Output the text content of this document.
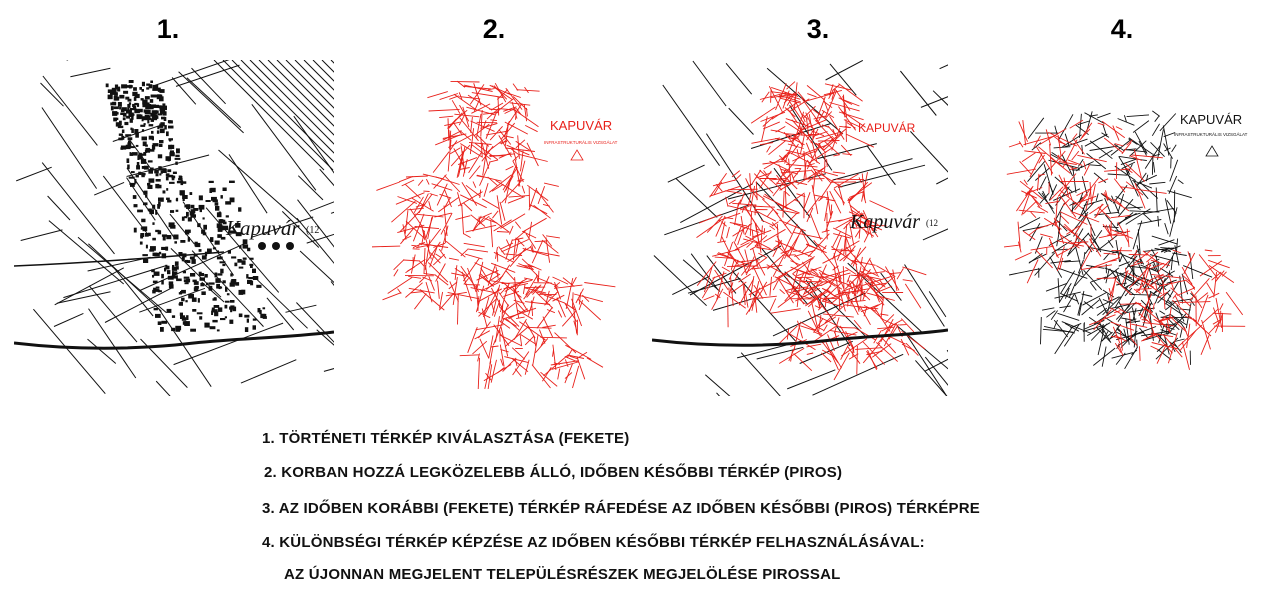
1.	2.	3.	4.
Kapuvár (12
KAPUVÁR
INFRASTRUKTURÁLIS VIZSGÁLAT
KAPUVÁR
Kapuvár (12
KAPUVÁR
INFRASTRUKTURÁLIS VIZSGÁLAT
1. TÖRTÉNETI TÉRKÉP KIVÁLASZTÁSA (FEKETE)
2. KORBAN HOZZÁ LEGKÖZELEBB ÁLLÓ, IDŐBEN KÉSŐBBI TÉRKÉP (PIROS)
3. AZ IDŐBEN KORÁBBI (FEKETE) TÉRKÉP RÁFEDÉSE AZ IDŐBEN KÉSŐBBI (PIROS) TÉRKÉPRE
4. KÜLÖNBSÉGI TÉRKÉP KÉPZÉSE AZ IDŐBEN KÉSŐBBI TÉRKÉP FELHASZNÁLÁSÁVAL:
AZ ÚJONNAN MEGJELENT TELEPÜLÉSRÉSZEK MEGJELÖLÉSE PIROSSAL
